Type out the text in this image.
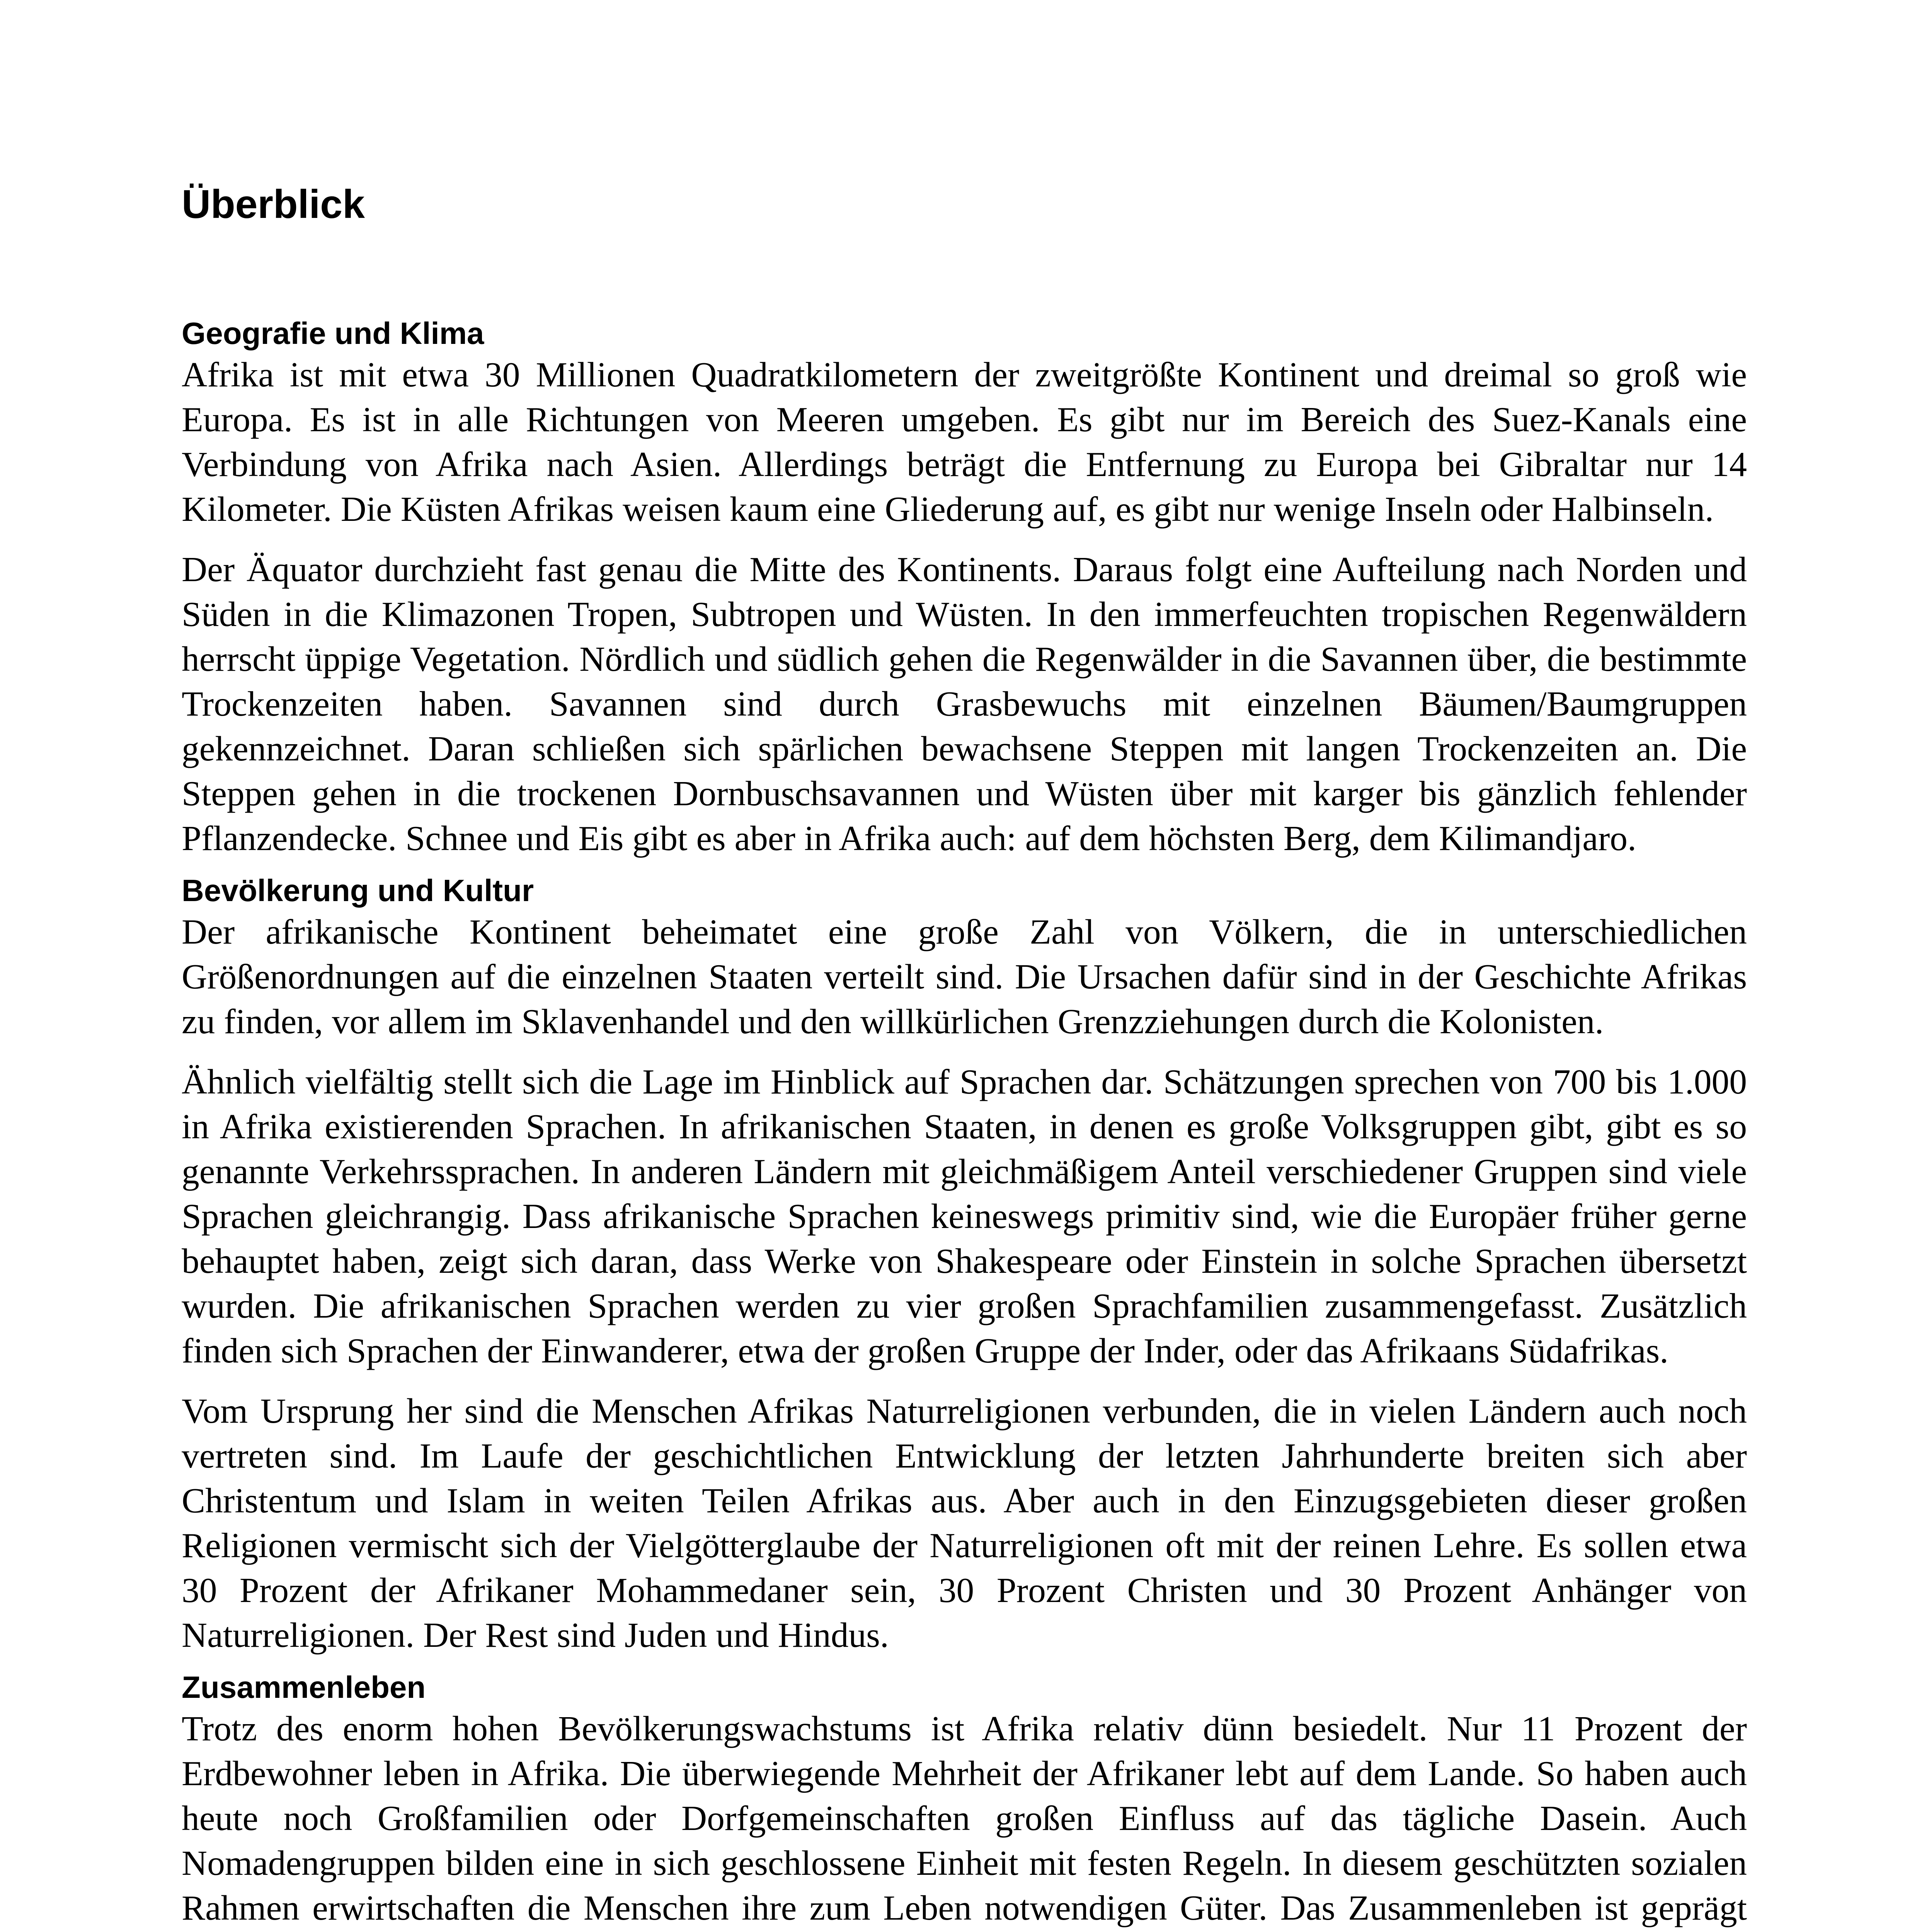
Überblick
Geografie und Klima

Afrika ist mit etwa 30 Millionen Quadratkilometern der zweitgrößte Kontinent und dreimal so groß wie Europa. Es ist in alle Richtungen von Meeren umgeben. Es gibt nur im Bereich des Suez-Kanals eine Verbindung von Afrika nach Asien. Allerdings beträgt die Entfernung zu Europa bei Gibraltar nur 14 Kilometer. Die Küsten Afrikas weisen kaum eine Gliederung auf, es gibt nur wenige Inseln oder Halbinseln.

Der Äquator durchzieht fast genau die Mitte des Kontinents. Daraus folgt eine Aufteilung nach Norden und Süden in die Klimazonen Tropen, Subtropen und Wüsten. In den immerfeuchten tropischen Regenwäldern herrscht üppige Vegetation. Nördlich und südlich gehen die Regenwälder in die Savannen über, die bestimmte Trockenzeiten haben. Savannen sind durch Grasbewuchs mit einzelnen Bäumen/Baumgruppen gekennzeichnet. Daran schließen sich spärlichen bewachsene Steppen mit langen Trockenzeiten an. Die Steppen gehen in die trockenen Dornbuschsavannen und Wüsten über mit karger bis gänzlich fehlender Pflanzendecke. Schnee und Eis gibt es aber in Afrika auch: auf dem höchsten Berg, dem Kilimandjaro.

Bevölkerung und Kultur

Der afrikanische Kontinent beheimatet eine große Zahl von Völkern, die in unterschiedlichen Größenordnungen auf die einzelnen Staaten verteilt sind. Die Ursachen dafür sind in der Geschichte Afrikas zu finden, vor allem im Sklavenhandel und den willkürlichen Grenzziehungen durch die Kolonisten.

Ähnlich vielfältig stellt sich die Lage im Hinblick auf Sprachen dar. Schätzungen sprechen von 700 bis 1.000 in Afrika existierenden Sprachen. In afrikanischen Staaten, in denen es große Volksgruppen gibt, gibt es so genannte Verkehrssprachen. In anderen Ländern mit gleichmäßigem Anteil verschiedener Gruppen sind viele Sprachen gleichrangig. Dass afrikanische Sprachen keineswegs primitiv sind, wie die Europäer früher gerne behauptet haben, zeigt sich daran, dass Werke von Shakespeare oder Einstein in solche Sprachen übersetzt wurden. Die afrikanischen Sprachen werden zu vier großen Sprachfamilien zusammengefasst. Zusätzlich finden sich Sprachen der Einwanderer, etwa der großen Gruppe der Inder, oder das Afrikaans Südafrikas.

Vom Ursprung her sind die Menschen Afrikas Naturreligionen verbunden, die in vielen Ländern auch noch vertreten sind. Im Laufe der geschichtlichen Entwicklung der letzten Jahrhunderte breiten sich aber Christentum und Islam in weiten Teilen Afrikas aus. Aber auch in den Einzugsgebieten dieser großen Religionen vermischt sich der Vielgötterglaube der Naturreligionen oft mit der reinen Lehre. Es sollen etwa 30 Prozent der Afrikaner Mohammedaner sein, 30 Prozent Christen und 30 Prozent Anhänger von Naturreligionen. Der Rest sind Juden und Hindus.

Zusammenleben

Trotz des enorm hohen Bevölkerungswachstums ist Afrika relativ dünn besiedelt. Nur 11 Prozent der Erdbewohner leben in Afrika. Die überwiegende Mehrheit der Afrikaner lebt auf dem Lande. So haben auch heute noch Großfamilien oder Dorfgemeinschaften großen Einfluss auf das tägliche Dasein. Auch Nomadengruppen bilden eine in sich geschlossene Einheit mit festen Regeln. In diesem geschützten sozialen Rahmen erwirtschaften die Menschen ihre zum Leben notwendigen Güter. Das Zusammenleben ist geprägt
